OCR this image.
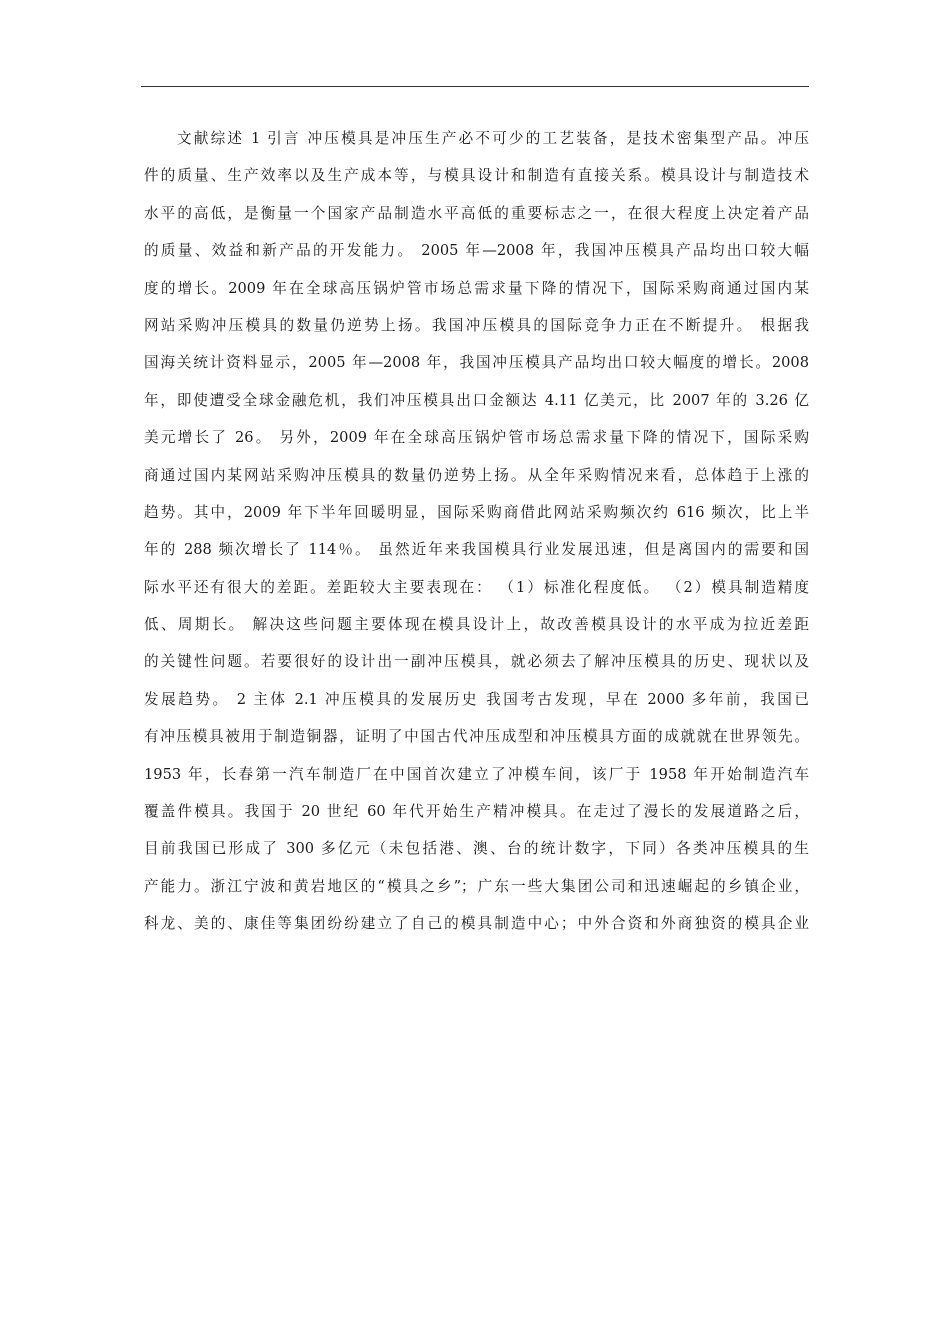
文献综述 1 引言 冲压模具是冲压生产必不可少的工艺装备，是技术密集型产品。冲压
件的质量、生产效率以及生产成本等，与模具设计和制造有直接关系。模具设计与制造技术
水平的高低，是衡量一个国家产品制造水平高低的重要标志之一，在很大程度上决定着产品
的质量、效益和新产品的开发能力。 2005 年—2008 年，我国冲压模具产品均出口较大幅
度的增长。2009 年在全球高压锅炉管市场总需求量下降的情况下，国际采购商通过国内某
网站采购冲压模具的数量仍逆势上扬。我国冲压模具的国际竞争力正在不断提升。 根据我
国海关统计资料显示，2005 年—2008 年，我国冲压模具产品均出口较大幅度的增长。2008
年，即使遭受全球金融危机，我们冲压模具出口金额达 4.11 亿美元，比 2007 年的 3.26 亿
美元增长了 26。 另外，2009 年在全球高压锅炉管市场总需求量下降的情况下，国际采购
商通过国内某网站采购冲压模具的数量仍逆势上扬。从全年采购情况来看，总体趋于上涨的
趋势。其中，2009 年下半年回暖明显，国际采购商借此网站采购频次约 616 频次，比上半
年的 288 频次增长了 114％。 虽然近年来我国模具行业发展迅速，但是离国内的需要和国
际水平还有很大的差距。差距较大主要表现在： （1）标准化程度低。 （2）模具制造精度
低、周期长。 解决这些问题主要体现在模具设计上，故改善模具设计的水平成为拉近差距
的关键性问题。若要很好的设计出一副冲压模具，就必须去了解冲压模具的历史、现状以及
发展趋势。 2 主体 2.1 冲压模具的发展历史 我国考古发现，早在 2000 多年前，我国已
有冲压模具被用于制造铜器，证明了中国古代冲压成型和冲压模具方面的成就就在世界领先。
1953 年，长春第一汽车制造厂在中国首次建立了冲模车间，该厂于 1958 年开始制造汽车
覆盖件模具。我国于 20 世纪 60 年代开始生产精冲模具。在走过了漫长的发展道路之后，
目前我国已形成了 300 多亿元（未包括港、澳、台的统计数字，下同）各类冲压模具的生
产能力。浙江宁波和黄岩地区的“模具之乡”；广东一些大集团公司和迅速崛起的乡镇企业，
科龙、美的、康佳等集团纷纷建立了自己的模具制造中心；中外合资和外商独资的模具企业
